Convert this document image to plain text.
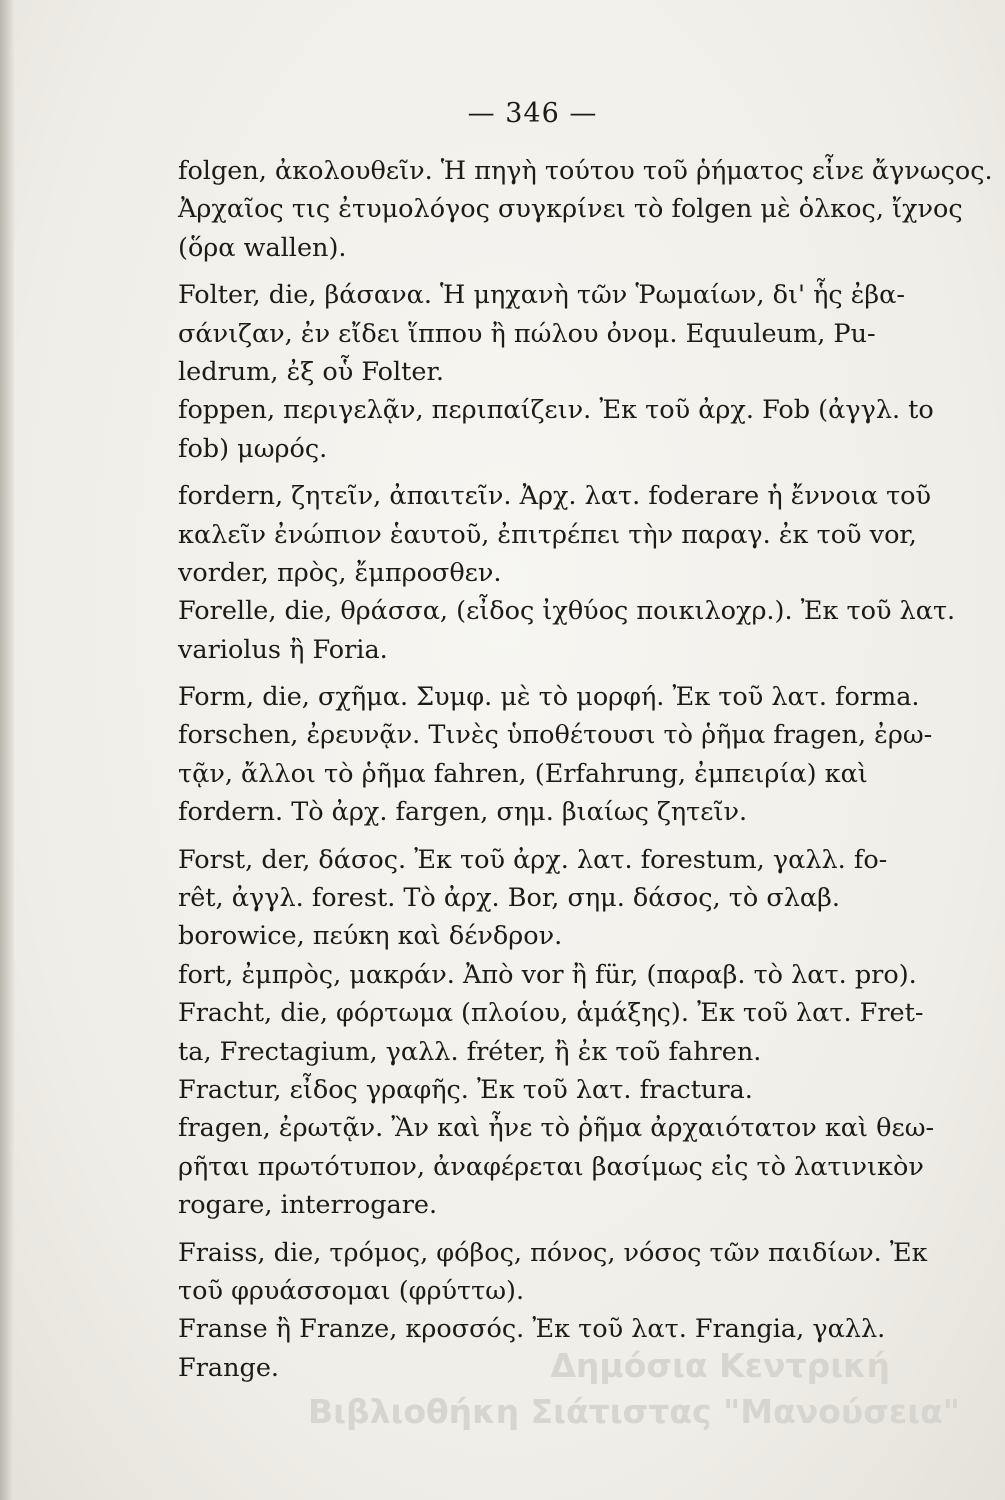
— 346 —
folgen, ἀκολουθεῖν. Ἡ πηγὴ τούτου τοῦ ῥήματος εἶνε ἄγνωςος.
Ἀρχαῖος τις ἐτυμολόγος συγκρίνει τὸ folgen μὲ ὁλκος, ἴχνος
(ὅρα wallen).
Folter, die, βάσανα. Ἡ μηχανὴ τῶν Ῥωμαίων, δι' ἧς ἐβα-
σάνιζαν, ἐν εἴδει ἵππου ἢ πώλου ὀνομ. Equuleum, Pu-
ledrum, ἐξ οὗ Folter.
foppen, περιγελᾷν, περιπαίζειν. Ἐκ τοῦ ἀρχ. Fob (ἀγγλ. to
fob) μωρός.
fordern, ζητεῖν, ἀπαιτεῖν. Ἀρχ. λατ. foderare ἡ ἔννοια τοῦ
καλεῖν ἐνώπιον ἑαυτοῦ, ἐπιτρέπει τὴν παραγ. ἐκ τοῦ vor,
vorder, πρὸς, ἔμπροσθεν.
Forelle, die, θράσσα, (εἶδος ἰχθύος ποικιλοχρ.). Ἐκ τοῦ λατ.
variolus ἢ Foria.
Form, die, σχῆμα. Συμφ. μὲ τὸ μορφή. Ἐκ τοῦ λατ. forma.
forschen, ἐρευνᾷν. Τινὲς ὑποθέτουσι τὸ ῥῆμα fragen, ἐρω-
τᾷν, ἄλλοι τὸ ῥῆμα fahren, (Erfahrung, ἐμπειρία) καὶ
fordern. Τὸ ἀρχ. fargen, σημ. βιαίως ζητεῖν.
Forst, der, δάσος. Ἐκ τοῦ ἀρχ. λατ. forestum, γαλλ. fo-
rêt, ἀγγλ. forest. Τὸ ἀρχ. Bor, σημ. δάσος, τὸ σλαβ.
borowice, πεύκη καὶ δένδρον.
fort, ἐμπρὸς, μακράν. Ἀπὸ vor ἢ für, (παραβ. τὸ λατ. pro).
Fracht, die, φόρτωμα (πλοίου, ἁμάξης). Ἐκ τοῦ λατ. Fret-
ta, Frectagium, γαλλ. fréter, ἢ ἐκ τοῦ fahren.
Fractur, εἶδος γραφῆς. Ἐκ τοῦ λατ. fractura.
fragen, ἐρωτᾷν. Ἂν καὶ ἦνε τὸ ῥῆμα ἀρχαιότατον καὶ θεω-
ρῆται πρωτότυπον, ἀναφέρεται βασίμως εἰς τὸ λατινικὸν
rogare, interrogare.
Fraiss, die, τρόμος, φόβος, πόνος, νόσος τῶν παιδίων. Ἐκ
τοῦ φρυάσσομαι (φρύττω).
Franse ἢ Franze, κροσσός. Ἐκ τοῦ λατ. Frangia, γαλλ.
Frange.	Δημόσια Κεντρική
Βιβλιοθήκη Σιάτιστας "Μανούσεια"
